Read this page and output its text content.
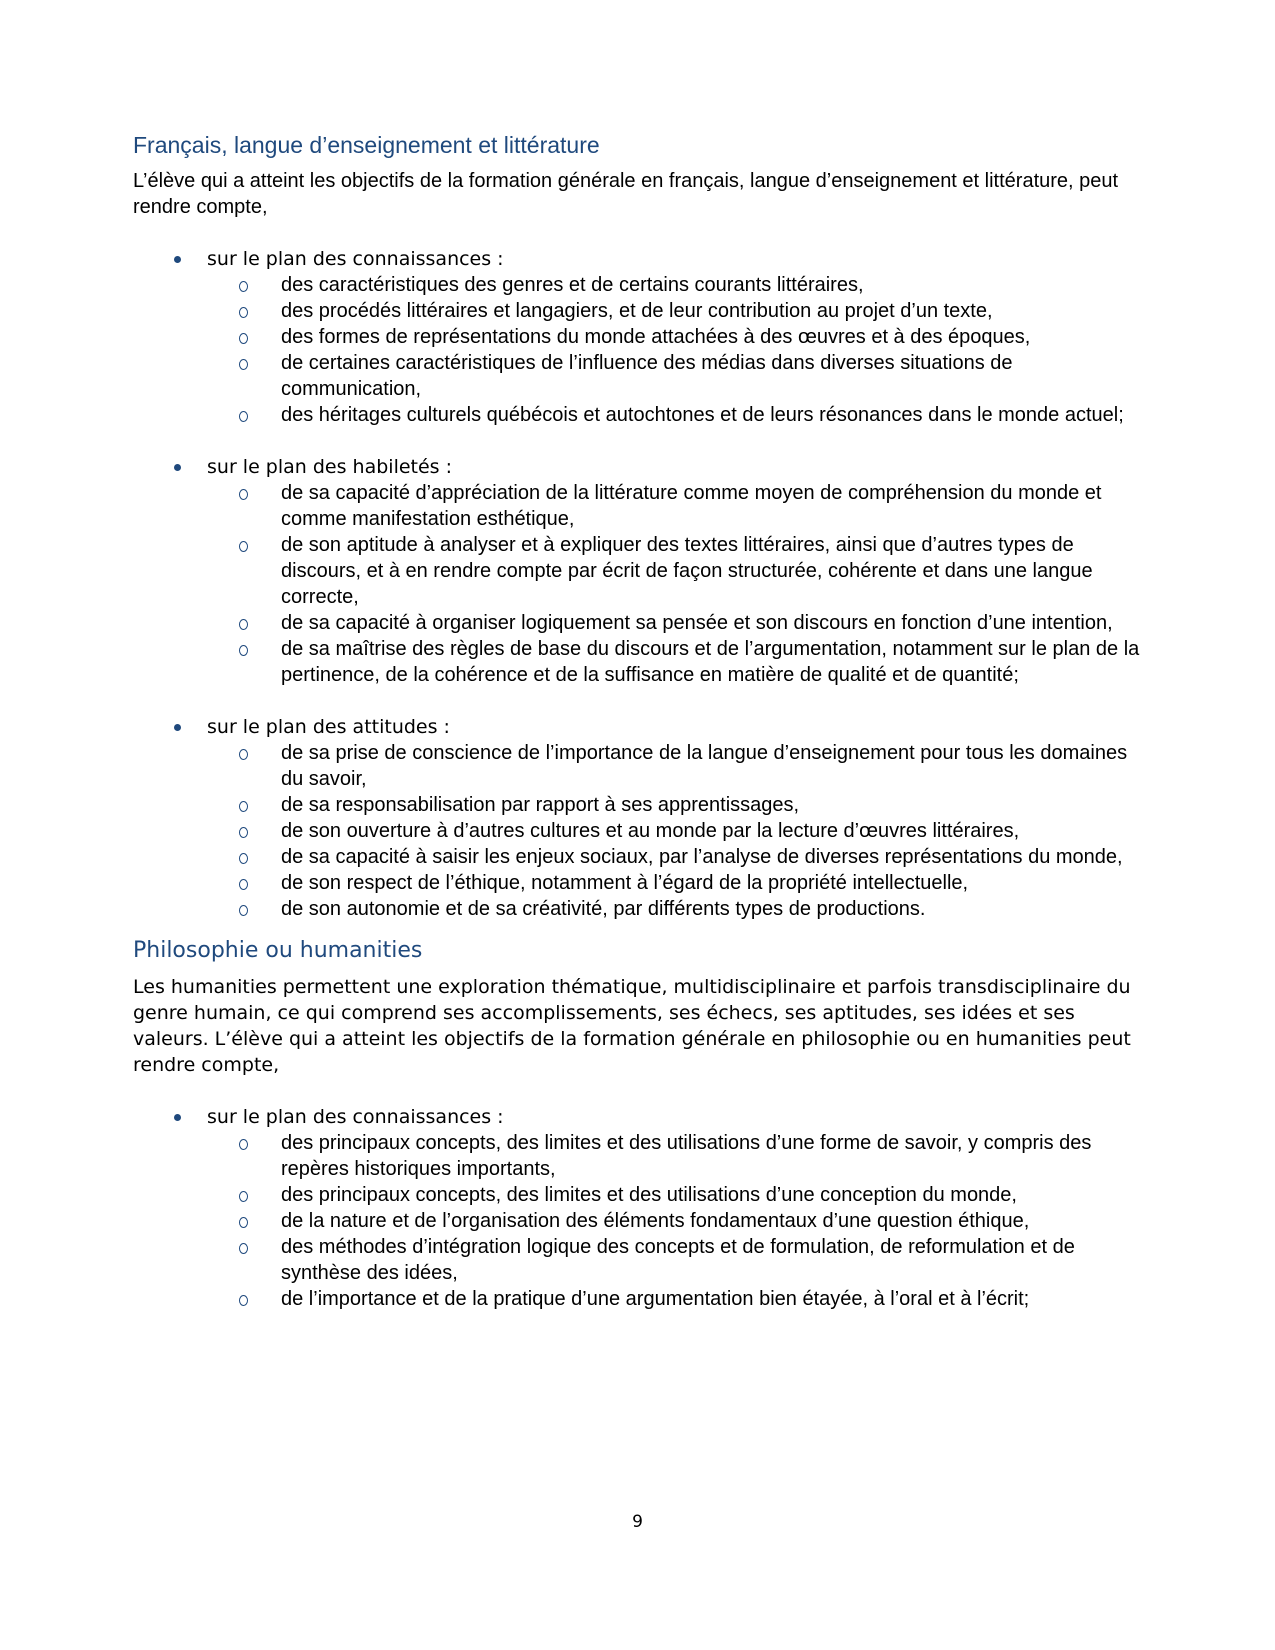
Français, langue d’enseignement et littérature

L’élève qui a atteint les objectifs de la formation générale en français, langue d’enseignement et littérature, peut rendre compte,

sur le plan des connaissances :
des caractéristiques des genres et de certains courants littéraires,
des procédés littéraires et langagiers, et de leur contribution au projet d’un texte,
des formes de représentations du monde attachées à des œuvres et à des époques,
de certaines caractéristiques de l’influence des médias dans diverses situations de communication,
des héritages culturels québécois et autochtones et de leurs résonances dans le monde actuel;
sur le plan des habiletés :
de sa capacité d’appréciation de la littérature comme moyen de compréhension du monde et comme manifestation esthétique,
de son aptitude à analyser et à expliquer des textes littéraires, ainsi que d’autres types de discours, et à en rendre compte par écrit de façon structurée, cohérente et dans une langue correcte,
de sa capacité à organiser logiquement sa pensée et son discours en fonction d’une intention,
de sa maîtrise des règles de base du discours et de l’argumentation, notamment sur le plan de la pertinence, de la cohérence et de la suffisance en matière de qualité et de quantité;
sur le plan des attitudes :
de sa prise de conscience de l’importance de la langue d’enseignement pour tous les domaines du savoir,
de sa responsabilisation par rapport à ses apprentissages,
de son ouverture à d’autres cultures et au monde par la lecture d’œuvres littéraires,
de sa capacité à saisir les enjeux sociaux, par l’analyse de diverses représentations du monde,
de son respect de l’éthique, notamment à l’égard de la propriété intellectuelle,
de son autonomie et de sa créativité, par différents types de productions.
Philosophie ou humanities

Les humanities permettent une exploration thématique, multidisciplinaire et parfois transdisciplinaire du genre humain, ce qui comprend ses accomplissements, ses échecs, ses aptitudes, ses idées et ses valeurs. L’élève qui a atteint les objectifs de la formation générale en philosophie ou en humanities peut rendre compte,

sur le plan des connaissances :
des principaux concepts, des limites et des utilisations d’une forme de savoir, y compris des repères historiques importants,
des principaux concepts, des limites et des utilisations d’une conception du monde,
de la nature et de l’organisation des éléments fondamentaux d’une question éthique,
des méthodes d’intégration logique des concepts et de formulation, de reformulation et de synthèse des idées,
de l’importance et de la pratique d’une argumentation bien étayée, à l’oral et à l’écrit;
9
